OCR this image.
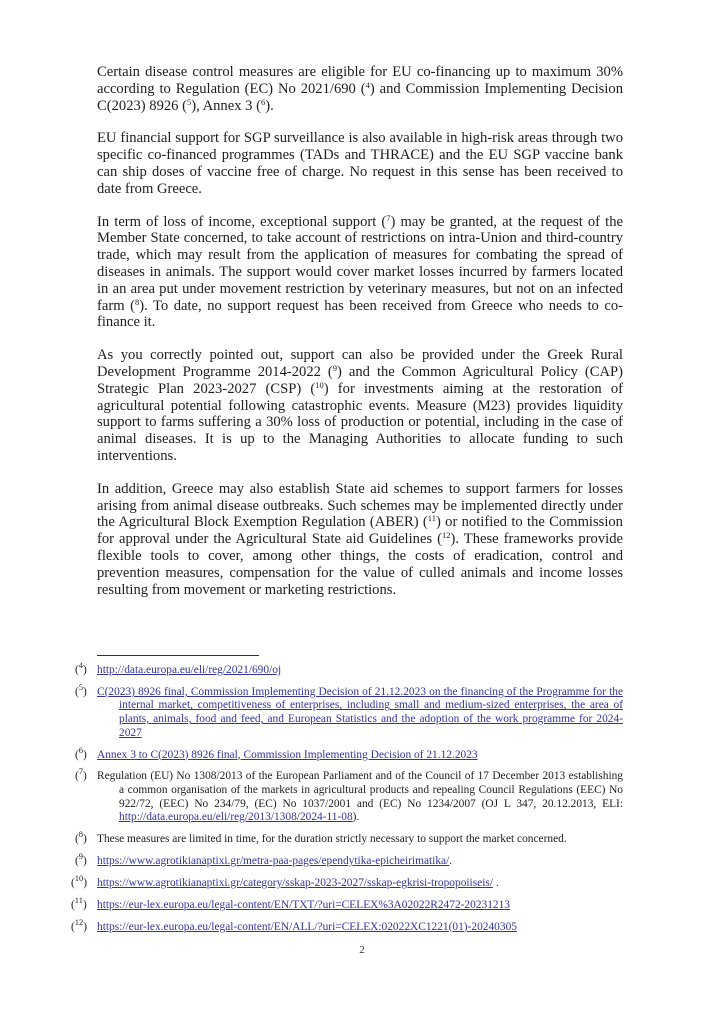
Certain disease control measures are eligible for EU co-financing up to maximum 30% according to Regulation (EC) No 2021/690 ($^4$) and Commission Implementing Decision C(2023) 8926 ($^5$), Annex 3 ($^6$).

EU financial support for SGP surveillance is also available in high-risk areas through two specific co-financed programmes (TADs and THRACE) and the EU SGP vaccine bank can ship doses of vaccine free of charge. No request in this sense has been received to date from Greece.

In term of loss of income, exceptional support ($^7$) may be granted, at the request of the Member State concerned, to take account of restrictions on intra-Union and third-country trade, which may result from the application of measures for combating the spread of diseases in animals. The support would cover market losses incurred by farmers located in an area put under movement restriction by veterinary measures, but not on an infected farm ($^8$). To date, no support request has been received from Greece who needs to co-finance it.

As you correctly pointed out, support can also be provided under the Greek Rural Development Programme 2014-2022 ($^9$) and the Common Agricultural Policy (CAP) Strategic Plan 2023-2027 (CSP) ($^{10}$) for investments aiming at the restoration of agricultural potential following catastrophic events. Measure (M23) provides liquidity support to farms suffering a 30% loss of production or potential, including in the case of animal diseases. It is up to the Managing Authorities to allocate funding to such interventions.

In addition, Greece may also establish State aid schemes to support farmers for losses arising from animal disease outbreaks. Such schemes may be implemented directly under the Agricultural Block Exemption Regulation (ABER) ($^{11}$) or notified to the Commission for approval under the Agricultural State aid Guidelines ($^{12}$). These frameworks provide flexible tools to cover, among other things, the costs of eradication, control and prevention measures, compensation for the value of culled animals and income losses resulting from movement or marketing restrictions.

($^4$)http://data.europa.eu/eli/reg/2021/690/oj
($^5$)C(2023) 8926 final, Commission Implementing Decision of 21.12.2023 on the financing of the Programme for the internal market, competitiveness of enterprises, including small and medium-sized enterprises, the area of plants, animals, food and feed, and European Statistics and the adoption of the work programme for 2024-2027
($^6$)Annex 3 to C(2023) 8926 final, Commission Implementing Decision of 21.12.2023
($^7$)Regulation (EU) No 1308/2013 of the European Parliament and of the Council of 17 December 2013 establishing a common organisation of the markets in agricultural products and repealing Council Regulations (EEC) No 922/72, (EEC) No 234/79, (EC) No 1037/2001 and (EC) No 1234/2007 (OJ L 347, 20.12.2013, ELI: http://data.europa.eu/eli/reg/2013/1308/2024-11-08).
($^8$)These measures are limited in time, for the duration strictly necessary to support the market concerned.
($^9$)https://www.agrotikianaptixi.gr/metra-paa-pages/ependytika-epicheirimatika/.
($^{10}$)https://www.agrotikianaptixi.gr/category/sskap-2023-2027/sskap-egkrisi-tropopoiiseis/ .
($^{11}$)https://eur-lex.europa.eu/legal-content/EN/TXT/?uri=CELEX%3A02022R2472-20231213
($^{12}$)https://eur-lex.europa.eu/legal-content/EN/ALL/?uri=CELEX:02022XC1221(01)-20240305
2
